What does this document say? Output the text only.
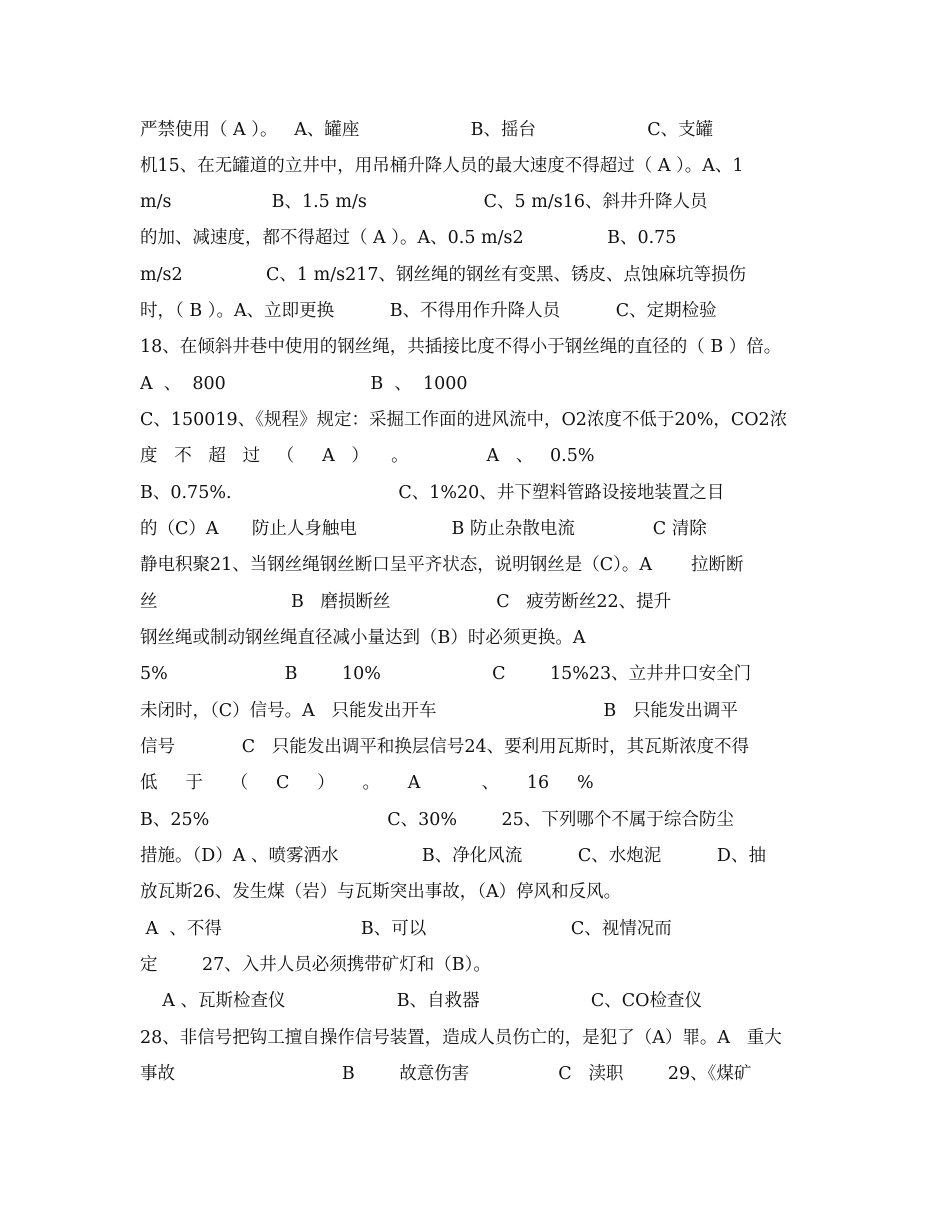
严禁使用（ A ）。   A、罐座                    B、摇台                    C、支罐
机15、在无罐道的立井中，用吊桶升降人员的最大速度不得超过（ A ）。A、1
m/s                  B、1.5 m/s                     C、5 m/s16、斜井升降人员
的加、减速度，都不得超过（ A ）。A、0.5 m/s2               B、0.75
m/s2               C、1 m/s217、钢丝绳的钢丝有变黑、锈皮、点蚀麻坑等损伤
时，（ B ）。A、立即更换          B、不得用作升降人员          C、定期检验
18、在倾斜井巷中使用的钢丝绳，共插接比度不得小于钢丝绳的直径的（ B ）倍。
A  、  800                          B  、  1000
C、150019、《规程》规定：采掘工作面的进风流中，O2浓度不低于20%，CO2浓
度   不   超   过   （     A   ）    。              A   、   0.5%
B、0.75%.                              C、1%20、井下塑料管路设接地装置之目
的（C）A      防止人身触电                 B 防止杂散电流              C 清除
静电积聚21、当钢丝绳钢丝断口呈平齐状态，说明钢丝是（C）。A       拉断断
丝                        B   磨损断丝                   C   疲劳断丝22、提升
钢丝绳或制动钢丝绳直径减小量达到（B）时必须更换。A
5%                     B        10%                    C        15%23、立井井口安全门
未闭时，（C）信号。A   只能发出开车                              B   只能发出调平
信号            C   只能发出调平和换层信号24、要利用瓦斯时，其瓦斯浓度不得
低     于     （     C     ）     。     A           、     16     %
B、25%                                C、30%        25、下列哪个不属于综合防尘
措施。（D）A 、喷雾洒水               B、净化风流          C、水炮泥          D、抽
放瓦斯26、发生煤（岩）与瓦斯突出事故，（A）停风和反风。
A  、不得                         B、可以                          C、视情况而
定        27、入井人员必须携带矿灯和（B）。
A 、瓦斯检查仪                    B、自救器                    C、CO检查仪
28、非信号把钩工擅自操作信号装置，造成人员伤亡的，是犯了（A）罪。A   重大
事故                              B        故意伤害                C   渎职        29、《煤矿
